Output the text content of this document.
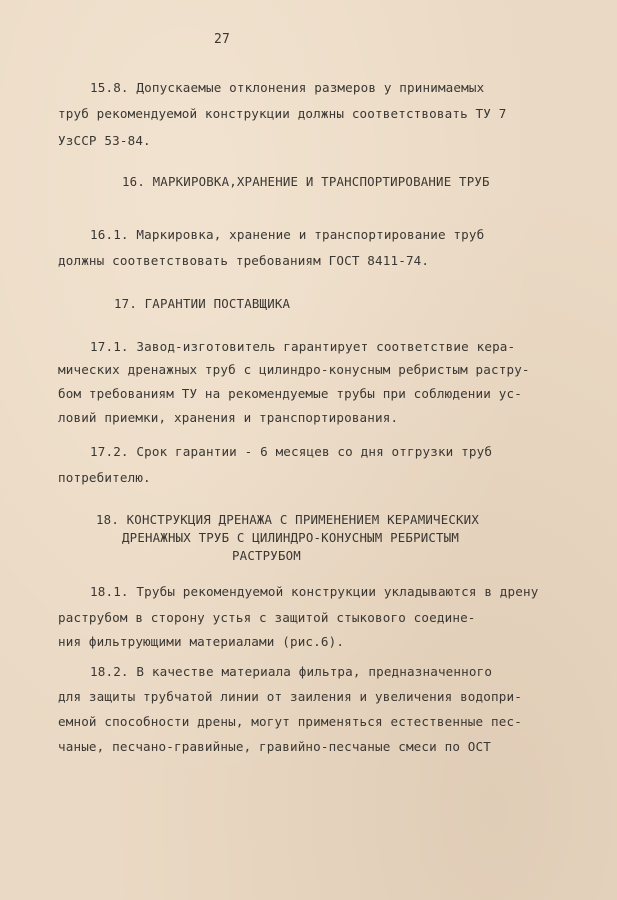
27
15.8. Допускаемые отклонения размеров у принимаемых
труб рекомендуемой конструкции должны соответствовать ТУ 7
УзССР 53-84.
16. МАРКИРОВКА,ХРАНЕНИЕ И ТРАНСПОРТИРОВАНИЕ ТРУБ
16.1. Маркировка, хранение и транспортирование труб
должны соответствовать требованиям ГОСТ 8411-74.
17. ГАРАНТИИ ПОСТАВЩИКА
17.1. Завод-изготовитель гарантирует соответствие кера-
мических дренажных труб с цилиндро-конусным ребристым растру-
бом требованиям ТУ на рекомендуемые трубы при соблюдении ус-
ловий приемки, хранения и транспортирования.
17.2. Срок гарантии - 6 месяцев со дня отгрузки труб
потребителю.
18. КОНСТРУКЦИЯ ДРЕНАЖА С ПРИМЕНЕНИЕМ КЕРАМИЧЕСКИХ
ДРЕНАЖНЫХ ТРУБ С ЦИЛИНДРО-КОНУСНЫМ РЕБРИСТЫМ
РАСТРУБОМ
18.1. Трубы рекомендуемой конструкции укладываются в дрену
раструбом в сторону устья с защитой стыкового соедине-
ния фильтрующими материалами (рис.6).
18.2. В качестве материала фильтра, предназначенного
для защиты трубчатой линии от заиления и увеличения водопри-
емной способности дрены, могут применяться естественные пес-
чаные, песчано-гравийные, гравийно-песчаные смеси по ОСТ
